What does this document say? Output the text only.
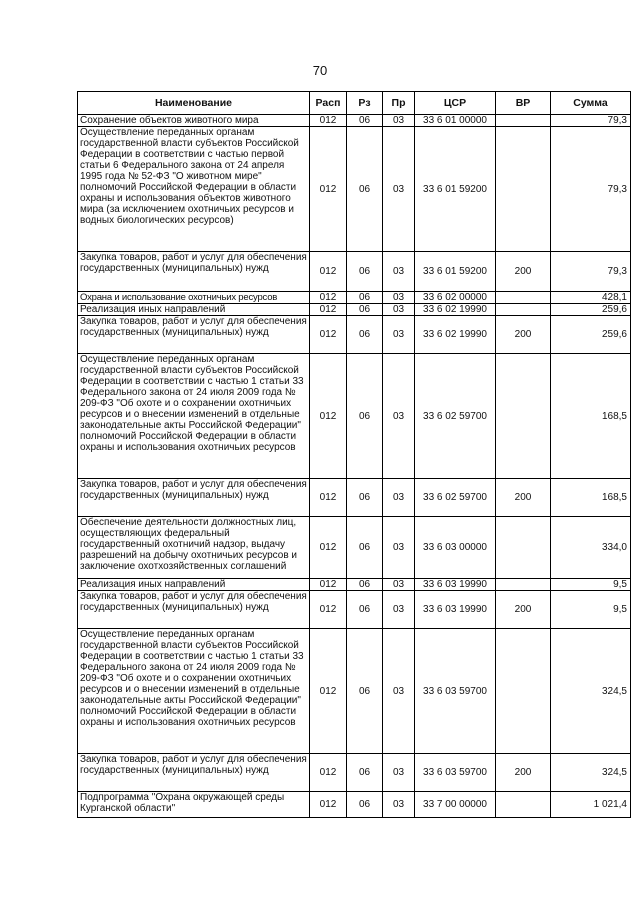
70
Наименование	Расп	Рз	Пр	ЦСР	ВР	Сумма
Сохранение объектов животного мира	012	06	03	33 6 01 00000		79,3
Осуществление переданных органам государственной власти субъектов Российской Федерации в соответствии с частью первой статьи 6 Федерального закона от 24 апреля 1995 года № 52-ФЗ "О животном мире" полномочий Российской Федерации в области охраны и использования объектов животного мира (за исключением охотничьих ресурсов и водных биологических ресурсов)	012	06	03	33 6 01 59200		79,3
Закупка товаров, работ и услуг для обеспечения государственных (муниципальных) нужд	012	06	03	33 6 01 59200	200	79,3
Охрана и использование охотничьих ресурсов	012	06	03	33 6 02 00000		428,1
Реализация иных направлений	012	06	03	33 6 02 19990		259,6
Закупка товаров, работ и услуг для обеспечения государственных (муниципальных) нужд	012	06	03	33 6 02 19990	200	259,6
Осуществление переданных органам государственной власти субъектов Российской Федерации в соответствии с частью 1 статьи 33 Федерального закона от 24 июля 2009 года № 209-ФЗ "Об охоте и о сохранении охотничьих ресурсов и о внесении изменений в отдельные законодательные акты Российской Федерации" полномочий Российской Федерации в области охраны и использования охотничьих ресурсов	012	06	03	33 6 02 59700		168,5
Закупка товаров, работ и услуг для обеспечения государственных (муниципальных) нужд	012	06	03	33 6 02 59700	200	168,5
Обеспечение деятельности должностных лиц, осуществляющих федеральный государственный охотничий надзор, выдачу разрешений на добычу охотничьих ресурсов и заключение охотхозяйственных соглашений	012	06	03	33 6 03 00000		334,0
Реализация иных направлений	012	06	03	33 6 03 19990		9,5
Закупка товаров, работ и услуг для обеспечения государственных (муниципальных) нужд	012	06	03	33 6 03 19990	200	9,5
Осуществление переданных органам государственной власти субъектов Российской Федерации в соответствии с частью 1 статьи 33 Федерального закона от 24 июля 2009 года № 209-ФЗ "Об охоте и о сохранении охотничьих ресурсов и о внесении изменений в отдельные законодательные акты Российской Федерации" полномочий Российской Федерации в области охраны и использования охотничьих ресурсов	012	06	03	33 6 03 59700		324,5
Закупка товаров, работ и услуг для обеспечения государственных (муниципальных) нужд	012	06	03	33 6 03 59700	200	324,5
Подпрограмма "Охрана окружающей среды Курганской области"	012	06	03	33 7 00 00000		1 021,4
